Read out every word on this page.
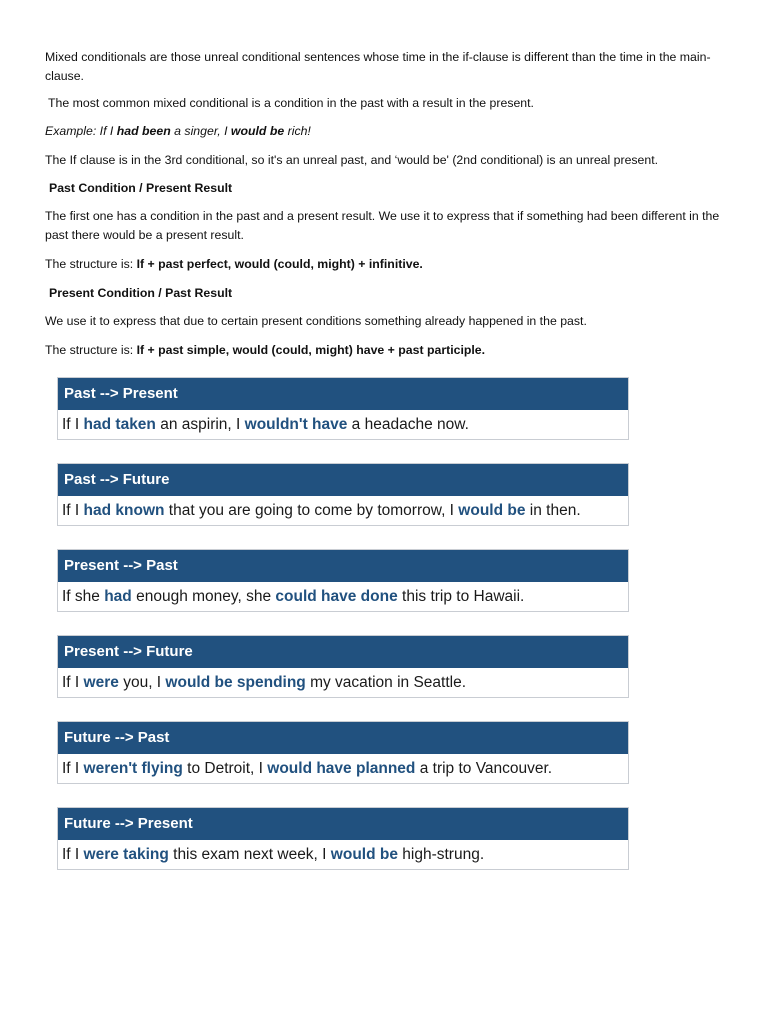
Mixed conditionals are those unreal conditional sentences whose time in the if-clause is different than the time in the main-clause.
The most common mixed conditional is a condition in the past with a result in the present.
Example: If I had been a singer, I would be rich!
The If clause is in the 3rd conditional, so it's an unreal past, and ‘would be' (2nd conditional) is an unreal present.
Past Condition / Present Result
The first one has a condition in the past and a present result. We use it to express that if something had been different in the past there would be a present result.
The structure is: If + past perfect, would (could, might) + infinitive.
Present Condition / Past Result
We use it to express that due to certain present conditions something already happened in the past.
The structure is: If + past simple, would (could, might) have + past participle.
Past --> Present
If I had taken an aspirin, I wouldn't have a headache now.
Past --> Future
If I had known that you are going to come by tomorrow, I would be in then.
Present --> Past
If she had enough money, she could have done this trip to Hawaii.
Present --> Future
If I were you, I would be spending my vacation in Seattle.
Future --> Past
If I weren't flying to Detroit, I would have planned a trip to Vancouver.
Future --> Present
If I were taking this exam next week, I would be high-strung.
